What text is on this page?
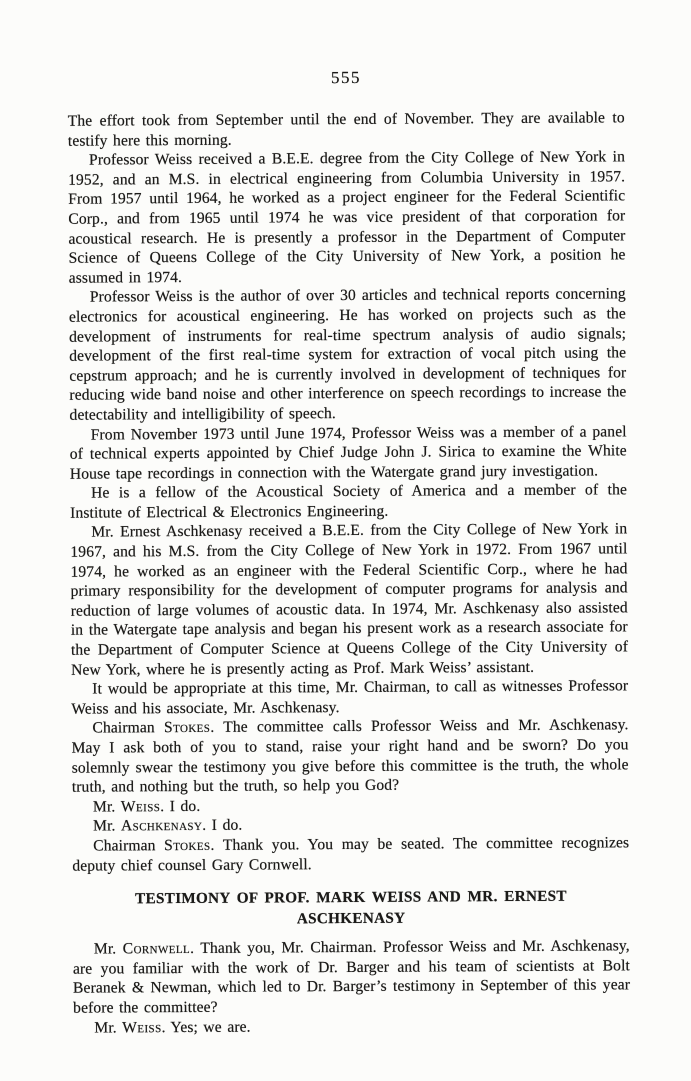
555

The effort took from September until the end of November. They are available to testify here this morning.

Professor Weiss received a B.E.E. degree from the City College of New York in 1952, and an M.S. in electrical engineering from Columbia University in 1957. From 1957 until 1964, he worked as a project engineer for the Federal Scientific Corp., and from 1965 until 1974 he was vice president of that corporation for acoustical research. He is presently a professor in the Department of Computer Science of Queens College of the City University of New York, a position he assumed in 1974.

Professor Weiss is the author of over 30 articles and technical reports concerning electronics for acoustical engineering. He has worked on projects such as the development of instruments for real-time spectrum analysis of audio signals; development of the first real-time system for extraction of vocal pitch using the cepstrum approach; and he is currently involved in development of techniques for reducing wide band noise and other interference on speech recordings to increase the detectability and intelligibility of speech.

From November 1973 until June 1974, Professor Weiss was a member of a panel of technical experts appointed by Chief Judge John J. Sirica to examine the White House tape recordings in connection with the Watergate grand jury investigation.

He is a fellow of the Acoustical Society of America and a member of the Institute of Electrical & Electronics Engineering.

Mr. Ernest Aschkenasy received a B.E.E. from the City College of New York in 1967, and his M.S. from the City College of New York in 1972. From 1967 until 1974, he worked as an engineer with the Federal Scientific Corp., where he had primary responsibility for the development of computer programs for analysis and reduction of large volumes of acoustic data. In 1974, Mr. Aschkenasy also assisted in the Watergate tape analysis and began his present work as a research associate for the Department of Computer Science at Queens College of the City University of New York, where he is presently acting as Prof. Mark Weiss’ assistant.

It would be appropriate at this time, Mr. Chairman, to call as witnesses Professor Weiss and his associate, Mr. Aschkenasy.

Chairman Stokes. The committee calls Professor Weiss and Mr. Aschkenasy. May I ask both of you to stand, raise your right hand and be sworn? Do you solemnly swear the testimony you give before this committee is the truth, the whole truth, and nothing but the truth, so help you God?

Mr. Weiss. I do.

Mr. Aschkenasy. I do.

Chairman Stokes. Thank you. You may be seated. The committee recognizes deputy chief counsel Gary Cornwell.

TESTIMONY OF PROF. MARK WEISS AND MR. ERNEST ASCHKENASY

Mr. Cornwell. Thank you, Mr. Chairman. Professor Weiss and Mr. Aschkenasy, are you familiar with the work of Dr. Barger and his team of scientists at Bolt Beranek & Newman, which led to Dr. Barger’s testimony in September of this year before the committee?

Mr. Weiss. Yes; we are.
